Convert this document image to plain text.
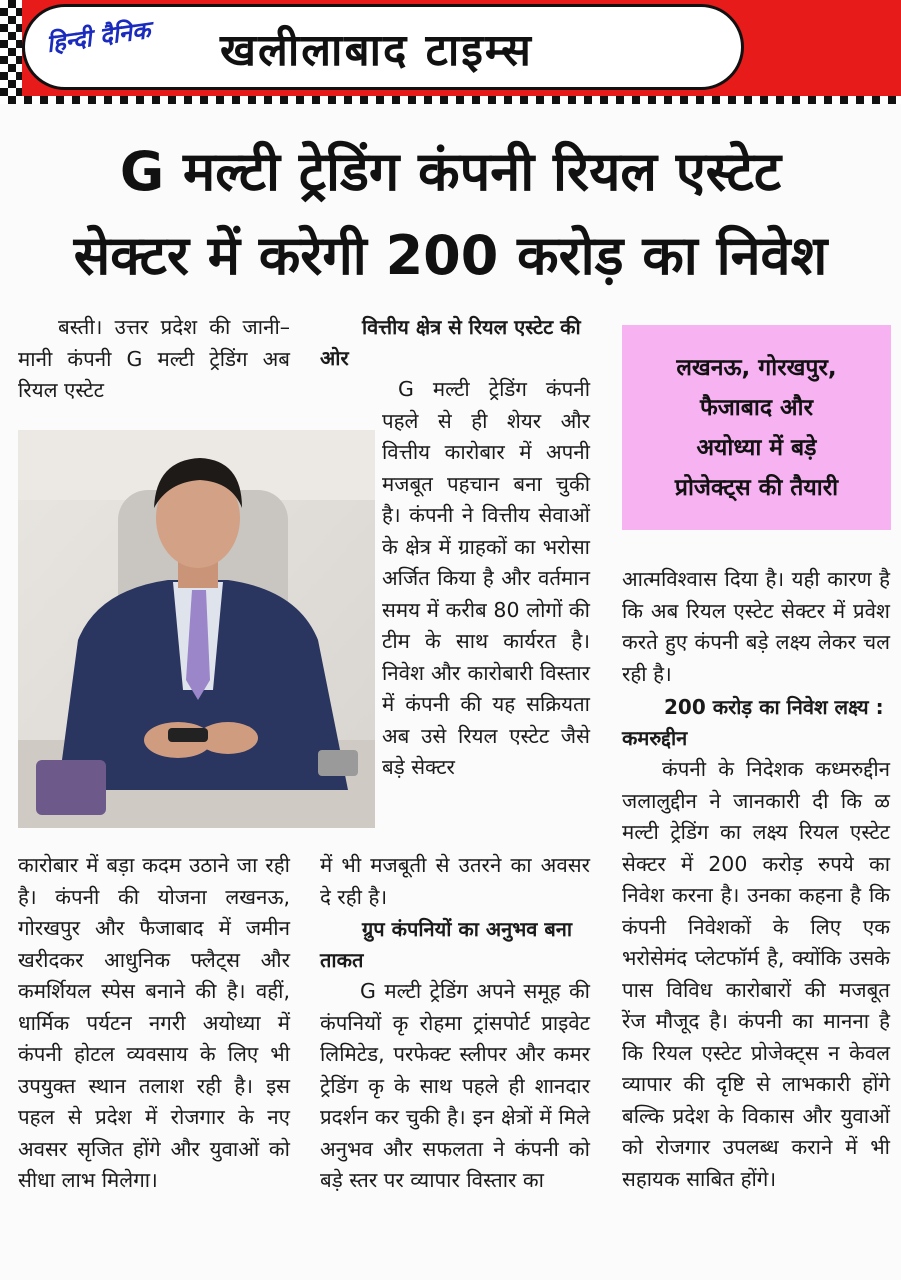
हिन्दी दैनिक खलीलाबाद टाइम्स
G मल्टी ट्रेडिंग कंपनी रियल एस्टेट
सेक्टर में करेगी 200 करोड़ का निवेश

बस्ती। उत्तर प्रदेश की जानी–मानी कंपनी G मल्टी ट्रेडिंग अब रियल एस्टेट

कारोबार में बड़ा कदम उठाने जा रही है। कंपनी की योजना लखनऊ, गोरखपुर और फैजाबाद में जमीन खरीदकर आधुनिक फ्लैट्स और कमर्शियल स्पेस बनाने की है। वहीं, धार्मिक पर्यटन नगरी अयोध्या में कंपनी होटल व्यवसाय के लिए भी उपयुक्त स्थान तलाश रही है। इस पहल से प्रदेश में रोजगार के नए अवसर सृजित होंगे और युवाओं को सीधा लाभ मिलेगा।

वित्तीय क्षेत्र से रियल एस्टेट की ओर

G मल्टी ट्रेडिंग कंपनी पहले से ही शेयर और वित्तीय कारोबार में अपनी मजबूत पहचान बना चुकी है। कंपनी ने वित्तीय सेवाओं के क्षेत्र में ग्राहकों का भरोसा अर्जित किया है और वर्तमान समय में करीब 80 लोगों की टीम के साथ कार्यरत है। निवेश और कारोबारी विस्तार में कंपनी की यह सक्रियता अब उसे रियल एस्टेट जैसे बड़े सेक्टर

में भी मजबूती से उतरने का अवसर दे रही है।

ग्रुप कंपनियों का अनुभव बना ताकत

G मल्टी ट्रेडिंग अपने समूह की कंपनियों कृ रोहमा ट्रांसपोर्ट प्राइवेट लिमिटेड, परफेक्ट स्लीपर और कमर ट्रेडिंग कृ के साथ पहले ही शानदार प्रदर्शन कर चुकी है। इन क्षेत्रों में मिले अनुभव और सफलता ने कंपनी को बड़े स्तर पर व्यापार विस्तार का

लखनऊ, गोरखपुर,
फैजाबाद और
अयोध्या में बड़े
प्रोजेक्ट्स की तैयारी

आत्मविश्वास दिया है। यही कारण है कि अब रियल एस्टेट सेक्टर में प्रवेश करते हुए कंपनी बड़े लक्ष्य लेकर चल रही है।

200 करोड़ का निवेश लक्ष्य : कमरुद्दीन

कंपनी के निदेशक कध्मरुद्दीन जलालुद्दीन ने जानकारी दी कि ळ मल्टी ट्रेडिंग का लक्ष्य रियल एस्टेट सेक्टर में 200 करोड़ रुपये का निवेश करना है। उनका कहना है कि कंपनी निवेशकों के लिए एक भरोसेमंद प्लेटफॉर्म है, क्योंकि उसके पास विविध कारोबारों की मजबूत रेंज मौजूद है। कंपनी का मानना है कि रियल एस्टेट प्रोजेक्ट्स न केवल व्यापार की दृष्टि से लाभकारी होंगे बल्कि प्रदेश के विकास और युवाओं को रोजगार उपलब्ध कराने में भी सहायक साबित होंगे।
